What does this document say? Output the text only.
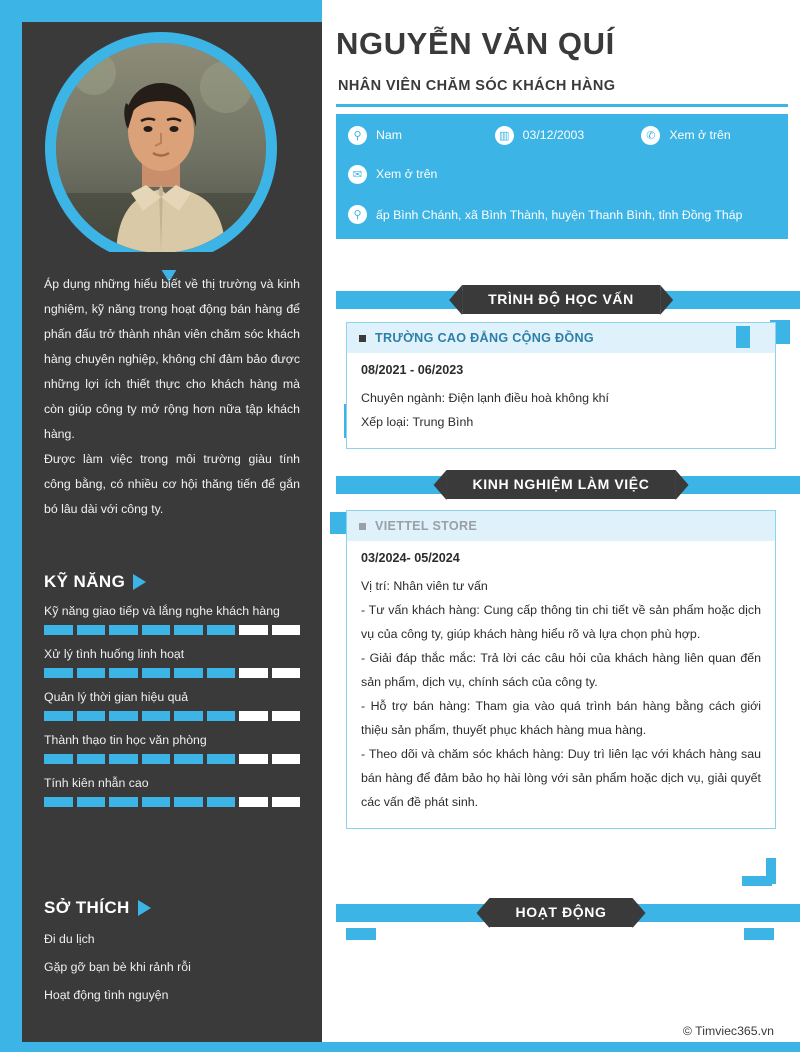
Áp dụng những hiểu biết về thị trường và kinh nghiệm, kỹ năng trong hoạt động bán hàng để phấn đấu trở thành nhân viên chăm sóc khách hàng chuyên nghiệp, không chỉ đảm bảo được những lợi ích thiết thực cho khách hàng mà còn giúp công ty mở rộng hơn nữa tập khách hàng.

Được làm việc trong môi trường giàu tính công bằng, có nhiều cơ hội thăng tiến để gắn bó lâu dài với công ty.

KỸ NĂNG
Kỹ năng giao tiếp và lắng nghe khách hàng
Xử lý tình huống linh hoạt
Quản lý thời gian hiệu quả
Thành thạo tin học văn phòng
Tính kiên nhẫn cao
SỞ THÍCH
Đi du lịch
Gặp gỡ bạn bè khi rảnh rỗi
Hoạt động tình nguyện
NGUYỄN VĂN QUÍ
NHÂN VIÊN CHĂM SÓC KHÁCH HÀNG
⚲	Nam	▥	03/12/2003	✆	Xem ở trên
✉	Xem ở trên
⚲	ấp Bình Chánh, xã Bình Thành, huyện Thanh Bình, tỉnh Đồng Tháp
TRÌNH ĐỘ HỌC VẤN
TRƯỜNG CAO ĐẲNG CỘNG ĐỒNG
08/2021 - 06/2023
Chuyên ngành: Điện lạnh điều hoà không khí
Xếp loại: Trung Bình
KINH NGHIỆM LÀM VIỆC
VIETTEL STORE
03/2024- 05/2024
Vị trí: Nhân viên tư vấn
- Tư vấn khách hàng: Cung cấp thông tin chi tiết về sản phẩm hoặc dịch vụ của công ty, giúp khách hàng hiểu rõ và lựa chọn phù hợp.
- Giải đáp thắc mắc: Trả lời các câu hỏi của khách hàng liên quan đến sản phẩm, dịch vụ, chính sách của công ty.
- Hỗ trợ bán hàng: Tham gia vào quá trình bán hàng bằng cách giới thiệu sản phẩm, thuyết phục khách hàng mua hàng.
- Theo dõi và chăm sóc khách hàng: Duy trì liên lạc với khách hàng sau bán hàng để đảm bảo họ hài lòng với sản phẩm hoặc dịch vụ, giải quyết các vấn đề phát sinh.
HOẠT ĐỘNG
© Timviec365.vn
